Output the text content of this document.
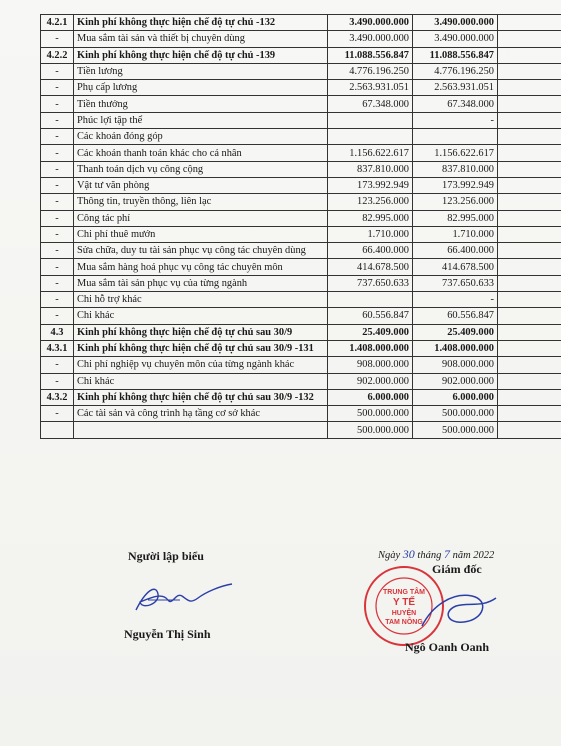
4.2.1	Kinh phí không thực hiện chế độ tự chủ -132	3.490.000.000	3.490.000.000	
-	Mua sắm tài sản và thiết bị chuyên dùng	3.490.000.000	3.490.000.000	
4.2.2	Kinh phí không thực hiện chế độ tự chủ -139	11.088.556.847	11.088.556.847	
-	Tiền lương	4.776.196.250	4.776.196.250	
-	Phụ cấp lương	2.563.931.051	2.563.931.051	
-	Tiền thưởng	67.348.000	67.348.000	
-	Phúc lợi tập thể		-	
-	Các khoản đóng góp			
-	Các khoản thanh toán khác cho cá nhân	1.156.622.617	1.156.622.617	
-	Thanh toán dịch vụ công cộng	837.810.000	837.810.000	
-	Vật tư văn phòng	173.992.949	173.992.949	
-	Thông tin, truyền thông, liên lạc	123.256.000	123.256.000	
-	Công tác phí	82.995.000	82.995.000	
-	Chi phí thuê mướn	1.710.000	1.710.000	
-	Sửa chữa, duy tu tài sản phục vụ công tác chuyên dùng	66.400.000	66.400.000	
-	Mua sắm hàng hoá phục vụ công tác chuyên môn	414.678.500	414.678.500	
-	Mua sắm tài sản phục vụ của từng ngành	737.650.633	737.650.633	
-	Chi hỗ trợ khác		-	
-	Chi khác	60.556.847	60.556.847	
4.3	Kinh phí không thực hiện chế độ tự chủ sau 30/9	25.409.000	25.409.000	
4.3.1	Kinh phí không thực hiện chế độ tự chủ sau 30/9 -131	1.408.000.000	1.408.000.000	
-	Chi phí nghiệp vụ chuyên môn của từng ngành khác	908.000.000	908.000.000	
-	Chi khác	902.000.000	902.000.000	
4.3.2	Kinh phí không thực hiện chế độ tự chủ sau 30/9 -132	6.000.000	6.000.000	
-	Các tài sản và công trình hạ tầng cơ sở khác	500.000.000	500.000.000	
		500.000.000	500.000.000	
Người lập biểu
Nguyễn Thị Sinh
Ngày 30 tháng 7 năm 2022
Giám đốc
TRUNG TÂM
Y TẾ
HUYỆN
TAM NÔNG
Ngô Oanh Oanh
